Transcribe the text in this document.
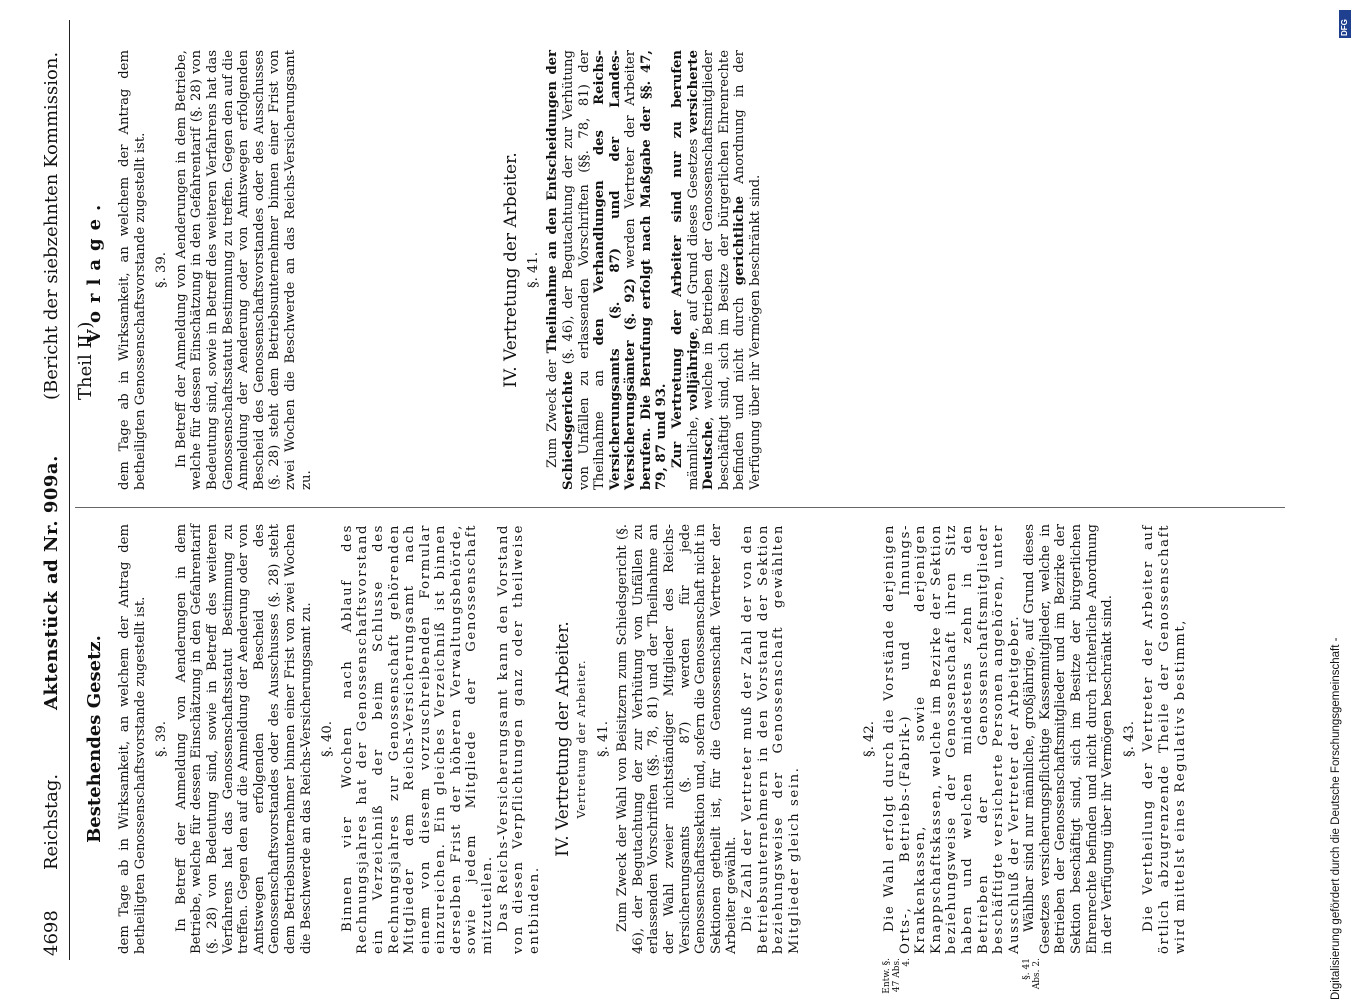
4698
Reichstag.
Aktenstück ad Nr. 909a.
(Bericht der siebzehnten Kommission. Theil II.)
Bestehendes Gesetz.
Vorlage.

dem Tage ab in Wirksamkeit, an welchem der Antrag dem betheiligten Genossenschaftsvorstande zugestellt ist. §. 39. In Betreff der Anmeldung von Aenderungen in dem Betriebe, welche für dessen Einschätzung in den Gefahrentarif (§. 28) von Bedeutung sind, sowie in Betreff des weiteren Verfahrens hat das Genossenschaftsstatut Bestimmung zu treffen. Gegen den auf die Anmeldung der Aenderung oder von Amtswegen erfolgenden Bescheid des Genossenschaftsvorstandes oder des Ausschusses (§. 28) steht dem Betriebsunternehmer binnen einer Frist von zwei Wochen die Beschwerde an das Reichs-Versicherungsamt zu. §. 40. Binnen vier Wochen nach Ablauf des Rechnungsjahres hat der Genossenschaftsvorstand ein Verzeichniß der beim Schlusse des Rechnungsjahres zur Genossenschaft gehörenden Mitglieder dem Reichs-Versicherungsamt nach einem von diesem vorzuschreibenden Formular einzureichen. Ein gleiches Verzeichniß ist binnen derselben Frist der höheren Verwaltungsbehörde, sowie jedem Mitgliede der Genossenschaft mitzuteilen. Das Reichs-Versicherungsamt kann den Vorstand von diesen Verpflichtungen ganz oder theilweise entbinden.

IV. Vertretung der Arbeiter. Vertretung der Arbeiter. §. 41. Zum Zweck der Wahl von Beisitzern zum Schiedsgericht (§. 46), der Begutachtung der zur Verhütung von Unfällen zu erlassenden Vorschriften (§§. 78, 81) und der Theilnahme an der Wahl zweier nichtständiger Mitglieder des Reichs-Versicherungsamts (§. 87) werden für jede Genossenschaftssektion und, sofern die Genossenschaft nicht in Sektionen getheilt ist, für die Genossenschaft Vertreter der Arbeiter gewählt. Die Zahl der Vertreter muß der Zahl der von den Betriebsunternehmern in den Vorstand der Sektion beziehungsweise der Genossenschaft gewählten Mitglieder gleich sein.

§. 42.
Entw. §. 47 Abs. 4.

Die Wahl erfolgt durch die Vorstände derjenigen Orts-, Betriebs-(Fabrik-) und Innungs-Krankenkassen, sowie derjenigen Knappschaftskassen, welche im Bezirke der Sektion beziehungsweise der Genossenschaft ihren Sitz haben und welchen mindestens zehn in den Betrieben der Genossenschaftsmitglieder beschäftigte versicherte Personen angehören, unter Ausschluß der Vertreter der Arbeitgeber.

§. 41 Abs. 2.

Wählbar sind nur männliche, großjährige, auf Grund dieses Gesetzes versicherungspflichtige Kassenmitglieder, welche in Betrieben der Genossenschaftsmitglieder und im Bezirke der Sektion beschäftigt sind, sich im Besitze der bürgerlichen Ehrenrechte befinden und nicht durch richterliche Anordnung in der Verfügung über ihr Vermögen beschränkt sind. §. 43. Die Vertheilung der Vertreter der Arbeiter auf örtlich abzugrenzende Theile der Genossenschaft wird mittelst eines Regulativs bestimmt,

dem Tage ab in Wirksamkeit, an welchem der Antrag dem betheiligten Genossenschaftsvorstande zugestellt ist. §. 39. In Betreff der Anmeldung von Aenderungen in dem Betriebe, welche für dessen Einschätzung in den Gefahrentarif (§. 28) von Bedeutung sind, sowie in Betreff des weiteren Verfahrens hat das Genossenschaftsstatut Bestimmung zu treffen. Gegen den auf die Anmeldung der Aenderung oder von Amtswegen erfolgenden Bescheid des Genossenschaftsvorstandes oder des Ausschusses (§. 28) steht dem Betriebsunternehmer binnen einer Frist von zwei Wochen die Beschwerde an das Reichs-Versicherungsamt zu.

IV. Vertretung der Arbeiter. §. 41.

Zum Zweck der Theilnahme an den Entscheidungen der Schiedsgerichte (§. 46), der Begutachtung der zur Verhütung von Unfällen zu erlassenden Vorschriften (§§. 78, 81) der Theilnahme an den Verhandlungen des Reichs-Versicherungsamts (§. 87) und der Landes-Versicherungsämter (§. 92) werden Vertreter der Arbeiter berufen. Die Berufung erfolgt nach Maßgabe der §§. 47, 79, 87 und 93. Zur Vertretung der Arbeiter sind nur zu berufen männliche, volljährige, auf Grund dieses Gesetzes versicherte Deutsche, welche in Betrieben der Genossenschaftsmitglieder beschäftigt sind, sich im Besitze der bürgerlichen Ehrenrechte befinden und nicht durch gerichtliche Anordnung in der Verfügung über ihr Vermögen beschränkt sind.

Digitalisierung gefördert durch die Deutsche Forschungsgemeinschaft -
DFG
